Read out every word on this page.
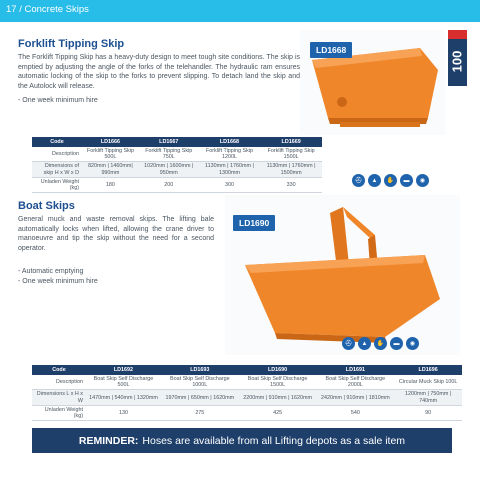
17 / Concrete Skips
Forklift Tipping Skip

The Forklift Tipping Skip has a heavy-duty design to meet tough site conditions. The skip is emptied by adjusting the angle of the forks of the telehandler. The hydraulic ram ensures automatic locking of the skip to the forks to prevent slipping. To detach land the skip and the Autolock will release.

- One week minimum hire
LD1668
100
Code	LD1666	LD1667	LD1668	LD1669
Description	Forklift Tipping Skip 500L	Forklift Tipping Skip 750L	Forklift Tipping Skip 1200L	Forklift Tipping Skip 1500L
Dimensions of skip H x W x D	820mm | 1460mm| 990mm	1020mm | 1600mm | 950mm	1130mm | 1760mm | 1300mm	1130mm | 1760mm | 1500mm
Unladen Weight (kg)	180	200	300	330
⛑	▲	✋	▬	◉
Boat Skips

General muck and waste removal skips. The lifting bale automatically locks when lifted, allowing the crane driver to manoeuvre and tip the skip without the need for a second operator.

- Automatic emptying
- One week minimum hire
LD1690
⛑	▲	✋	▬	◉
Code	LD1692	LD1693	LD1690	LD1691	LD1696
Description	Boat Skip Self Discharge 500L	Boat Skip Self Discharge 1000L	Boat Skip Self Discharge 1500L	Boat Skip Self Discharge 2000L	Circular Muck Skip 100L
Dimensions L x H x W	1470mm | 540mm | 1320mm	1970mm | 650mm | 1620mm	2200mm | 910mm | 1620mm	2420mm | 910mm | 1810mm	1200mm | 750mm | 740mm
Unladen Weight (kg)	130	275	425	540	90
REMINDER: Hoses are available from all Lifting depots as a sale item
